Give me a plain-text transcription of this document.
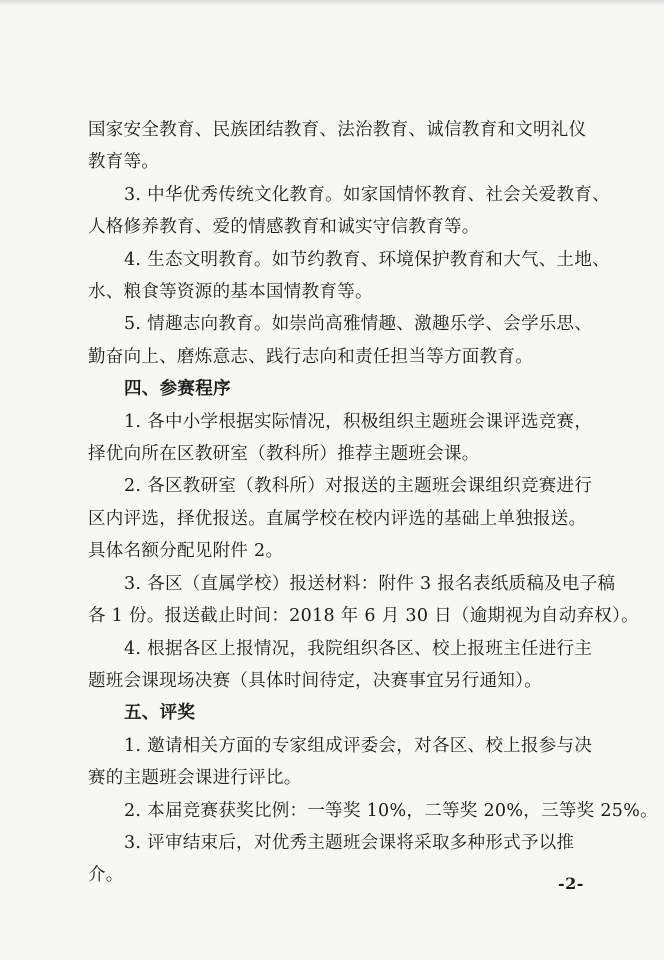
国家安全教育、民族团结教育、法治教育、诚信教育和文明礼仪

教育等。

3. 中华优秀传统文化教育。如家国情怀教育、社会关爱教育、

人格修养教育、爱的情感教育和诚实守信教育等。

4. 生态文明教育。如节约教育、环境保护教育和大气、土地、

水、粮食等资源的基本国情教育等。

5. 情趣志向教育。如崇尚高雅情趣、激趣乐学、会学乐思、

勤奋向上、磨炼意志、践行志向和责任担当等方面教育。

四、参赛程序

1. 各中小学根据实际情况，积极组织主题班会课评选竞赛，

择优向所在区教研室（教科所）推荐主题班会课。

2. 各区教研室（教科所）对报送的主题班会课组织竞赛进行

区内评选，择优报送。直属学校在校内评选的基础上单独报送。

具体名额分配见附件 2。

3. 各区（直属学校）报送材料：附件 3 报名表纸质稿及电子稿

各 1 份。报送截止时间：2018 年 6 月 30 日（逾期视为自动弃权）。

4. 根据各区上报情况，我院组织各区、校上报班主任进行主

题班会课现场决赛（具体时间待定，决赛事宜另行通知）。

五、评奖

1. 邀请相关方面的专家组成评委会，对各区、校上报参与决

赛的主题班会课进行评比。

2. 本届竞赛获奖比例：一等奖 10%，二等奖 20%，三等奖 25%。

3. 评审结束后，对优秀主题班会课将采取多种形式予以推

介。	-2-
